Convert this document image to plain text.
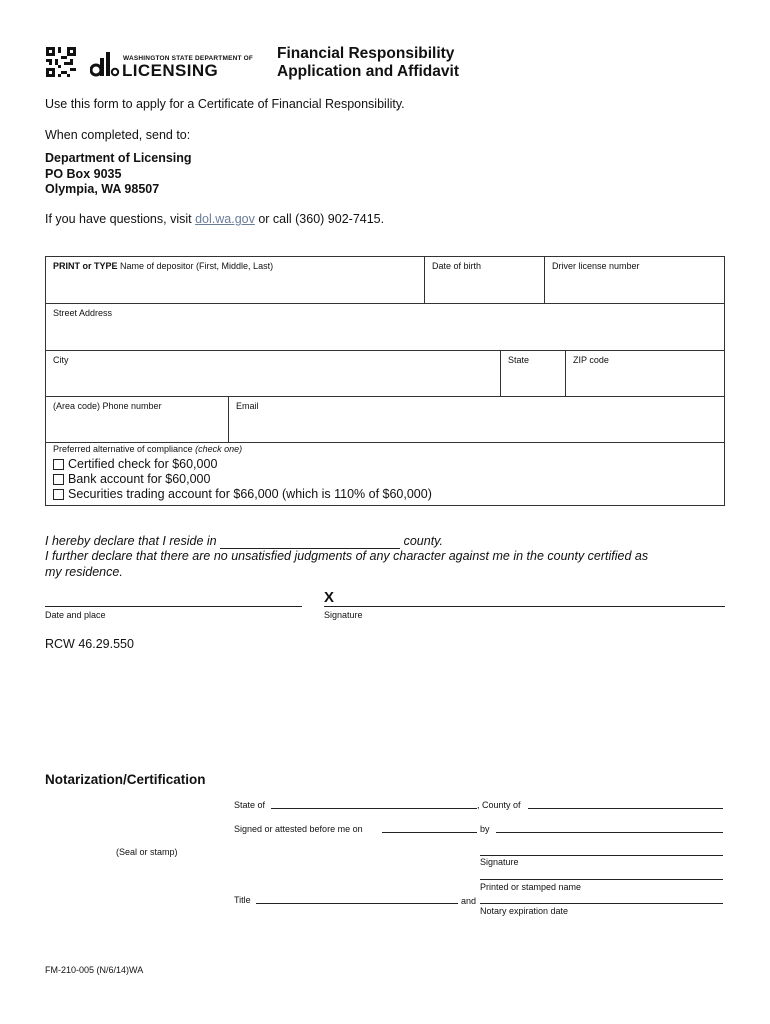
WASHINGTON STATE DEPARTMENT OF
LICENSING
Financial Responsibility
Application and Affidavit
Use this form to apply for a Certificate of Financial Responsibility.
When completed, send to:
Department of Licensing
PO Box 9035
Olympia, WA 98507
If you have questions, visit dol.wa.gov or call (360) 902-7415.
PRINT or TYPE Name of depositor (First, Middle, Last)	Date of birth	Driver license number
Street Address
City	State	ZIP code
(Area code) Phone number	Email
Preferred alternative of compliance (check one)
Certified check for $60,000
Bank account for $60,000
Securities trading account for $66,000 (which is 110% of $60,000)
I hereby declare that I reside in	county.
I further declare that there are no unsatisfied judgments of any character against me in the county certified as
my residence.
Date and place
X
Signature
RCW 46.29.550
Notarization/Certification
State of	, County of
Signed or attested before me on	by
(Seal or stamp)
Signature
Printed or stamped name
Title	and
Notary expiration date
FM-210-005 (N/6/14)WA
